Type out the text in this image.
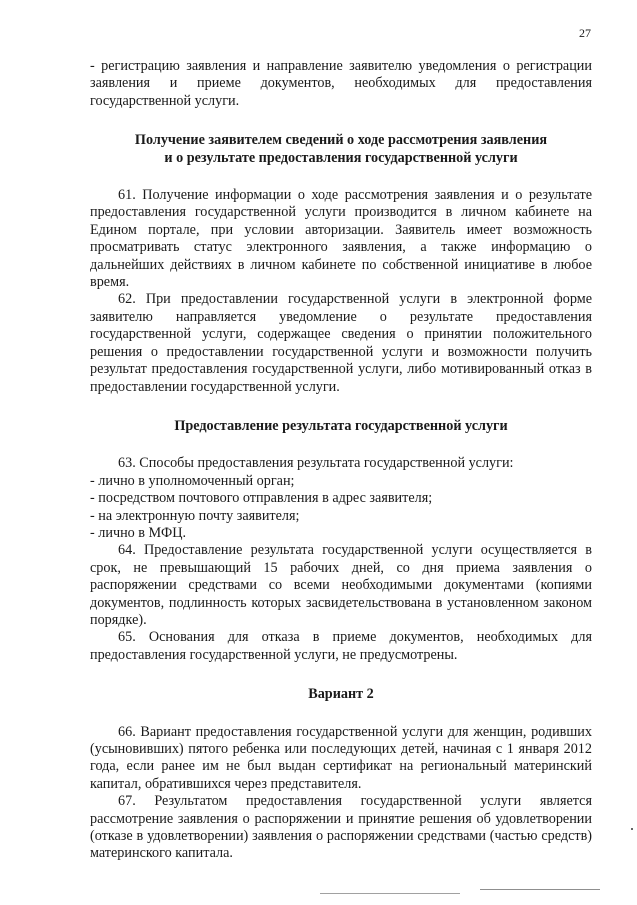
27

- регистрацию заявления и направление заявителю уведомления о регистрации заявления и приеме документов, необходимых для предоставления государственной услуги.

Получение заявителем сведений о ходе рассмотрения заявления
и о результате предоставления государственной услуги

61. Получение информации о ходе рассмотрения заявления и о результате предоставления государственной услуги производится в личном кабинете на Едином портале, при условии авторизации. Заявитель имеет возможность просматривать статус электронного заявления, а также информацию о дальнейших действиях в личном кабинете по собственной инициативе в любое время.

62. При предоставлении государственной услуги в электронной форме заявителю направляется уведомление о результате предоставления государственной услуги, содержащее сведения о принятии положительного решения о предоставлении государственной услуги и возможности получить результат предоставления государственной услуги, либо мотивированный отказ в предоставлении государственной услуги.

Предоставление результата государственной услуги

63. Способы предоставления результата государственной услуги:

- лично в уполномоченный орган;

- посредством почтового отправления в адрес заявителя;

- на электронную почту заявителя;

- лично в МФЦ.

64. Предоставление результата государственной услуги осуществляется в срок, не превышающий 15 рабочих дней, со дня приема заявления о распоряжении средствами со всеми необходимыми документами (копиями документов, подлинность которых засвидетельствована в установленном законом порядке).

65. Основания для отказа в приеме документов, необходимых для предоставления государственной услуги, не предусмотрены.

Вариант 2

66. Вариант предоставления государственной услуги для женщин, родивших (усыновивших) пятого ребенка или последующих детей, начиная с 1 января 2012 года, если ранее им не был выдан сертификат на региональный материнский капитал, обратившихся через представителя.

67. Результатом предоставления государственной услуги является рассмотрение заявления о распоряжении и принятие решения об удовлетворении (отказе в удовлетворении) заявления о распоряжении средствами (частью средств) материнского капитала.
